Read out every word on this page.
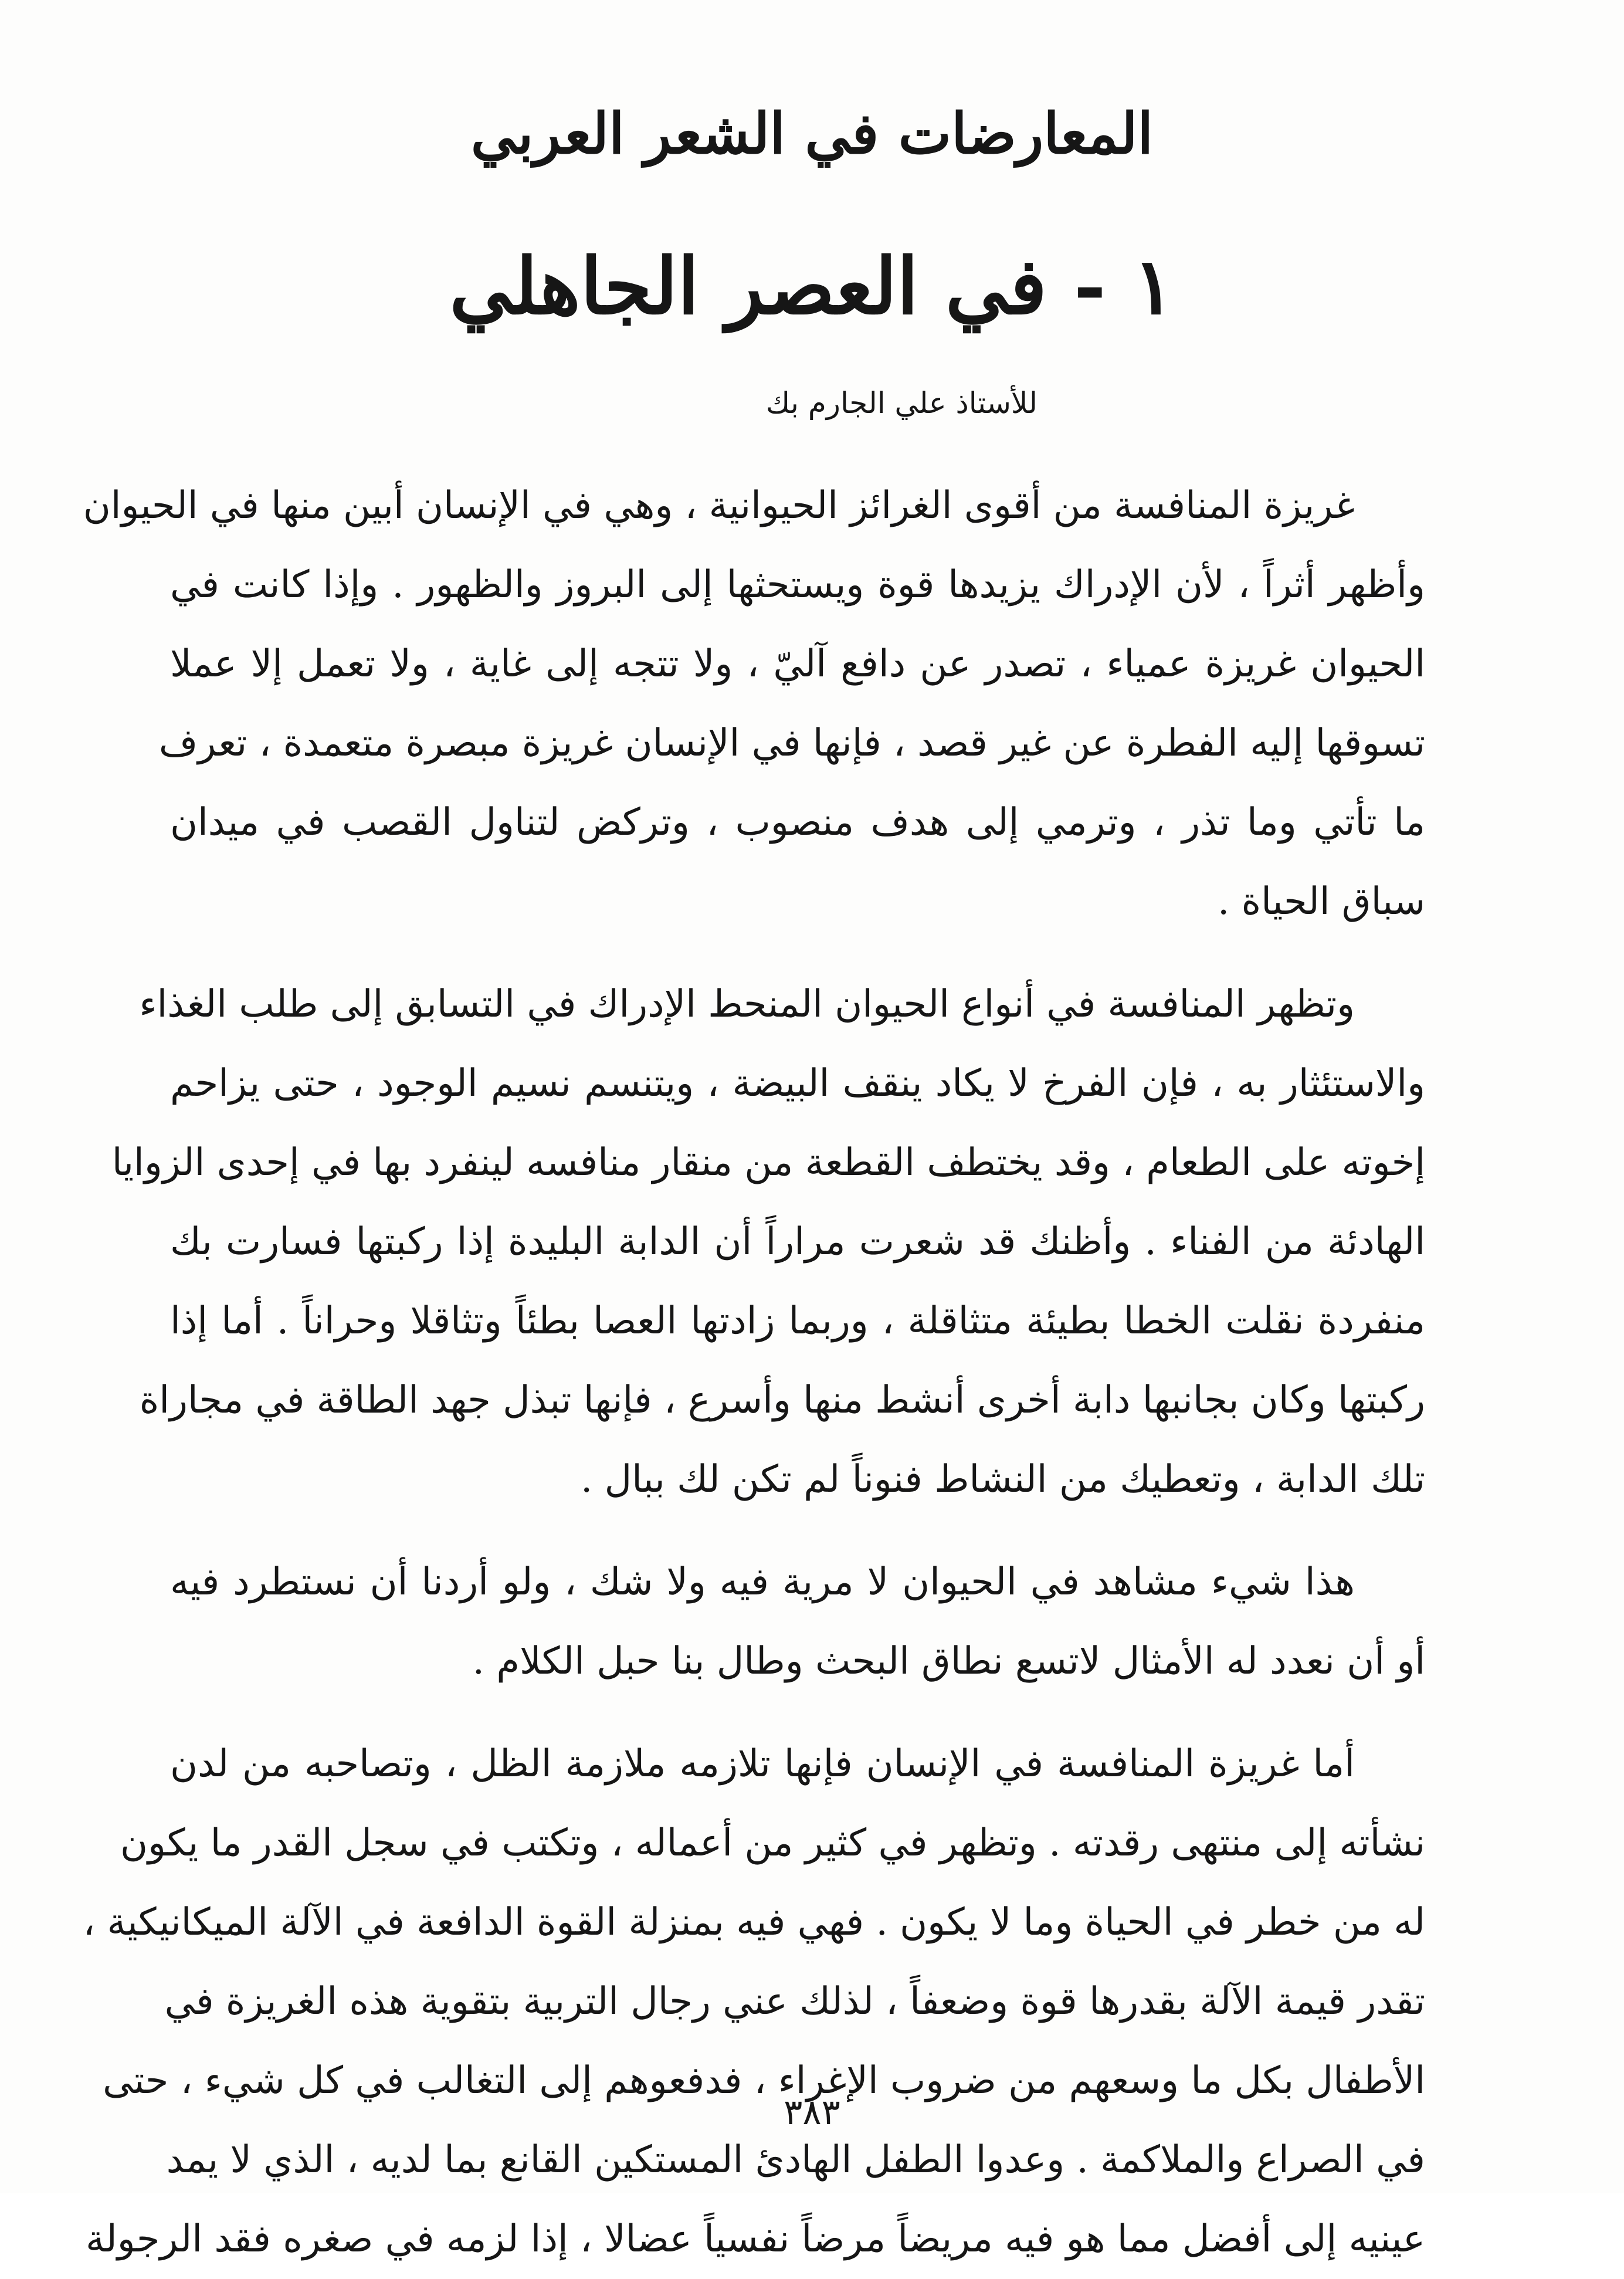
المعارضات في الشعر العربي
١ - في العصر الجاهلي
للأستاذ علي الجارم بك
غريزة المنافسة من أقوى الغرائز الحيوانية ، وهي في الإنسان أبين منها في الحيوان
وأظهر أثراً ، لأن الإدراك يزيدها قوة ويستحثها إلى البروز والظهور . وإذا كانت في
الحيوان غريزة عمياء ، تصدر عن دافع آليّ ، ولا تتجه إلى غاية ، ولا تعمل إلا عملا
تسوقها إليه الفطرة عن غير قصد ، فإنها في الإنسان غريزة مبصرة متعمدة ، تعرف
ما تأتي وما تذر ، وترمي إلى هدف منصوب ، وتركض لتناول القصب في ميدان
سباق الحياة .
وتظهر المنافسة في أنواع الحيوان المنحط الإدراك في التسابق إلى طلب الغذاء
والاستئثار به ، فإن الفرخ لا يكاد ينقف البيضة ، ويتنسم نسيم الوجود ، حتى يزاحم
إخوته على الطعام ، وقد يختطف القطعة من منقار منافسه لينفرد بها في إحدى الزوايا
الهادئة من الفناء . وأظنك قد شعرت مراراً أن الدابة البليدة إذا ركبتها فسارت بك
منفردة نقلت الخطا بطيئة متثاقلة ، وربما زادتها العصا بطئاً وتثاقلا وحراناً . أما إذا
ركبتها وكان بجانبها دابة أخرى أنشط منها وأسرع ، فإنها تبذل جهد الطاقة في مجاراة
تلك الدابة ، وتعطيك من النشاط فنوناً لم تكن لك ببال .
هذا شيء مشاهد في الحيوان لا مرية فيه ولا شك ، ولو أردنا أن نستطرد فيه
أو أن نعدد له الأمثال لاتسع نطاق البحث وطال بنا حبل الكلام .
أما غريزة المنافسة في الإنسان فإنها تلازمه ملازمة الظل ، وتصاحبه من لدن
نشأته إلى منتهى رقدته . وتظهر في كثير من أعماله ، وتكتب في سجل القدر ما يكون
له من خطر في الحياة وما لا يكون . فهي فيه بمنزلة القوة الدافعة في الآلة الميكانيكية ،
تقدر قيمة الآلة بقدرها قوة وضعفاً ، لذلك عني رجال التربية بتقوية هذه الغريزة في
الأطفال بكل ما وسعهم من ضروب الإغراء ، فدفعوهم إلى التغالب في كل شيء ، حتى
في الصراع والملاكمة . وعدوا الطفل الهادئ المستكين القانع بما لديه ، الذي لا يمد
عينيه إلى أفضل مما هو فيه مريضاً مرضاً نفسياً عضالا ، إذا لزمه في صغره فقد الرجولة
٣٨٣
